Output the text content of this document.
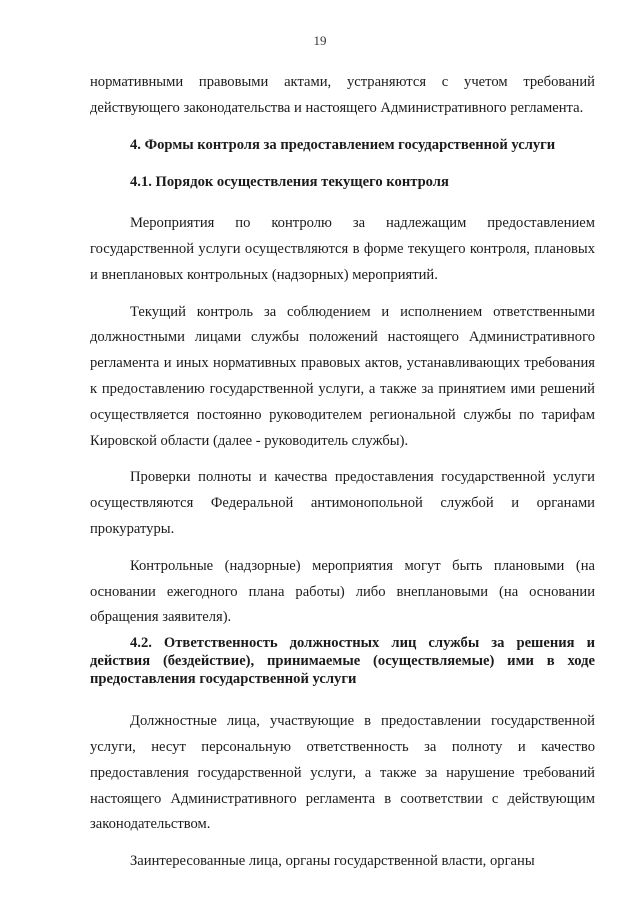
19

нормативными правовыми актами, устраняются с учетом требований действующего законодательства и настоящего Административного регламента.

4. Формы контроля за предоставлением государственной услуги
4.1. Порядок осуществления текущего контроля

Мероприятия по контролю за надлежащим предоставлением государственной услуги осуществляются в форме текущего контроля, плановых и внеплановых контрольных (надзорных) мероприятий.

Текущий контроль за соблюдением и исполнением ответственными должностными лицами службы положений настоящего Административного регламента и иных нормативных правовых актов, устанавливающих требования к предоставлению государственной услуги, а также за принятием ими решений осуществляется постоянно руководителем региональной службы по тарифам Кировской области (далее - руководитель службы).

Проверки полноты и качества предоставления государственной услуги осуществляются Федеральной антимонопольной службой и органами прокуратуры.

Контрольные (надзорные) мероприятия могут быть плановыми (на основании ежегодного плана работы) либо внеплановыми (на основании обращения заявителя).

4.2. Ответственность должностных лиц службы за решения и действия (бездействие), принимаемые (осуществляемые) ими в ходе предоставления государственной услуги

Должностные лица, участвующие в предоставлении государственной услуги, несут персональную ответственность за полноту и качество предоставления государственной услуги, а также за нарушение требований настоящего Административного регламента в соответствии с действующим законодательством.

Заинтересованные лица, органы государственной власти, органы
